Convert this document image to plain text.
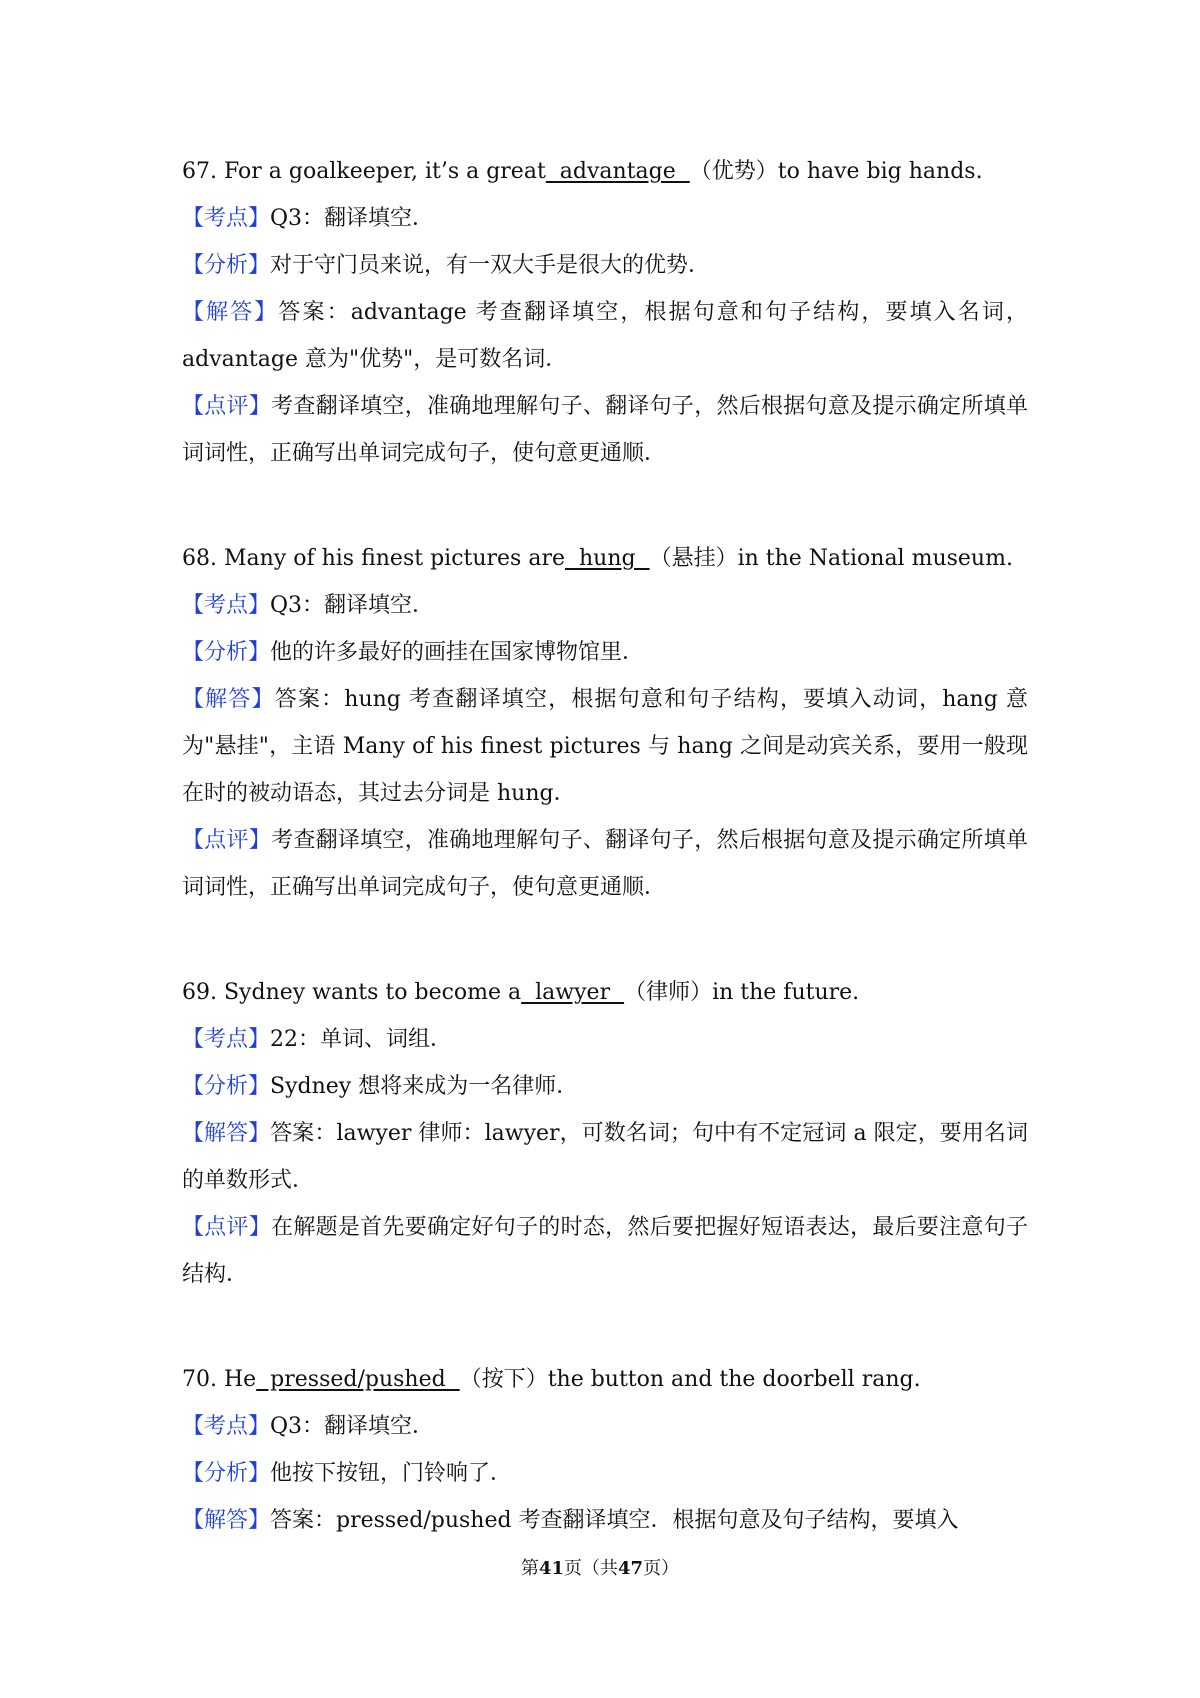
67. For a goalkeeper, it’s a great  advantage  （优势）to have big hands.
【考点】Q3：翻译填空．
【分析】对于守门员来说，有一双大手是很大的优势．
【解答】答案：advantage 考查翻译填空，根据句意和句子结构，要填入名词，advantage 意为"优势"，是可数名词．
【点评】考查翻译填空，准确地理解句子、翻译句子，然后根据句意及提示确定所填单词词性，正确写出单词完成句子，使句意更通顺．
68. Many of his finest pictures are  hung  （悬挂）in the National museum.
【考点】Q3：翻译填空．
【分析】他的许多最好的画挂在国家博物馆里．
【解答】答案：hung 考查翻译填空，根据句意和句子结构，要填入动词，hang 意为"悬挂"，主语 Many of his finest pictures 与 hang 之间是动宾关系，要用一般现在时的被动语态，其过去分词是 hung．
【点评】考查翻译填空，准确地理解句子、翻译句子，然后根据句意及提示确定所填单词词性，正确写出单词完成句子，使句意更通顺．
69. Sydney wants to become a  lawyer  （律师）in the future.
【考点】22：单词、词组．
【分析】Sydney 想将来成为一名律师．
【解答】答案：lawyer 律师：lawyer，可数名词；句中有不定冠词 a 限定，要用名词的单数形式．
【点评】在解题是首先要确定好句子的时态，然后要把握好短语表达，最后要注意句子结构．
70. He  pressed/pushed  （按下）the button and the doorbell rang.
【考点】Q3：翻译填空．
【分析】他按下按钮，门铃响了．
【解答】答案：pressed/pushed 考查翻译填空．根据句意及句子结构，要填入
第41页（共47页）
